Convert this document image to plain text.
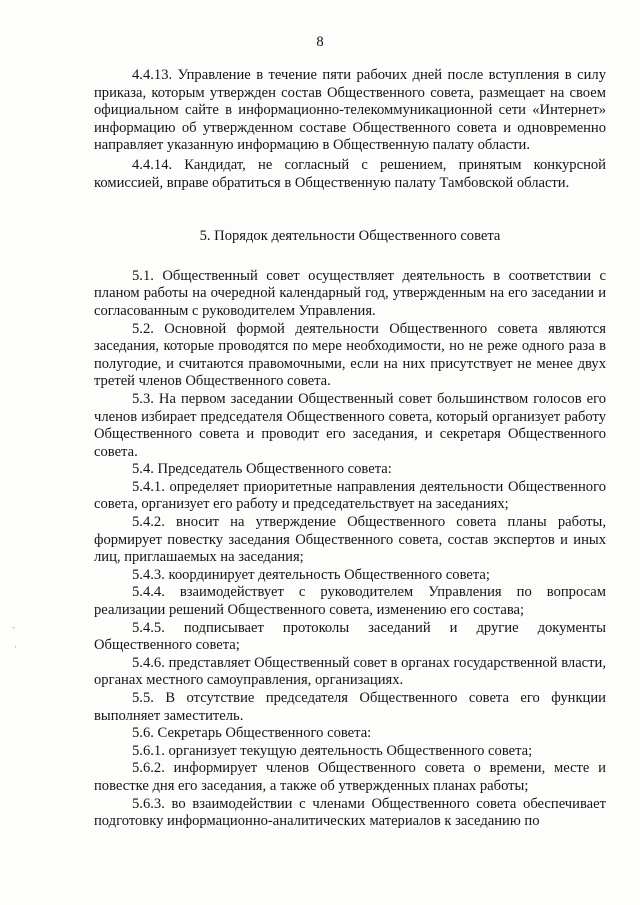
8

4.4.13. Управление в течение пяти рабочих дней после вступления в силу приказа, которым утвержден состав Общественного совета, размещает на своем официальном сайте в информационно-телекоммуникационной сети «Интернет» информацию об утвержденном составе Общественного совета и одновременно направляет указанную информацию в Общественную палату области.

4.4.14. Кандидат, не согласный с решением, принятым конкурсной комиссией, вправе обратиться в Общественную палату Тамбовской области.

5. Порядок деятельности Общественного совета

5.1. Общественный совет осуществляет деятельность в соответствии с планом работы на очередной календарный год, утвержденным на его заседании и согласованным с руководителем Управления.

5.2. Основной формой деятельности Общественного совета являются заседания, которые проводятся по мере необходимости, но не реже одного раза в полугодие, и считаются правомочными, если на них присутствует не менее двух третей членов Общественного совета.

5.3. На первом заседании Общественный совет большинством голосов его членов избирает председателя Общественного совета, который организует работу Общественного совета и проводит его заседания, и секретаря Общественного совета.

5.4. Председатель Общественного совета:

5.4.1. определяет приоритетные направления деятельности Общественного совета, организует его работу и председательствует на заседаниях;

5.4.2. вносит на утверждение Общественного совета планы работы, формирует повестку заседания Общественного совета, состав экспертов и иных лиц, приглашаемых на заседания;

5.4.3. координирует деятельность Общественного совета;

5.4.4. взаимодействует с руководителем Управления по вопросам реализации решений Общественного совета, изменению его состава;

5.4.5. подписывает протоколы заседаний и другие документы Общественного совета;

5.4.6. представляет Общественный совет в органах государственной власти, органах местного самоуправления, организациях.

5.5. В отсутствие председателя Общественного совета его функции выполняет заместитель.

5.6. Секретарь Общественного совета:

5.6.1. организует текущую деятельность Общественного совета;

5.6.2. информирует членов Общественного совета о времени, месте и повестке дня его заседания, а также об утвержденных планах работы;

5.6.3. во взаимодействии с членами Общественного совета обеспечивает подготовку информационно-аналитических материалов к заседанию по

·
-
